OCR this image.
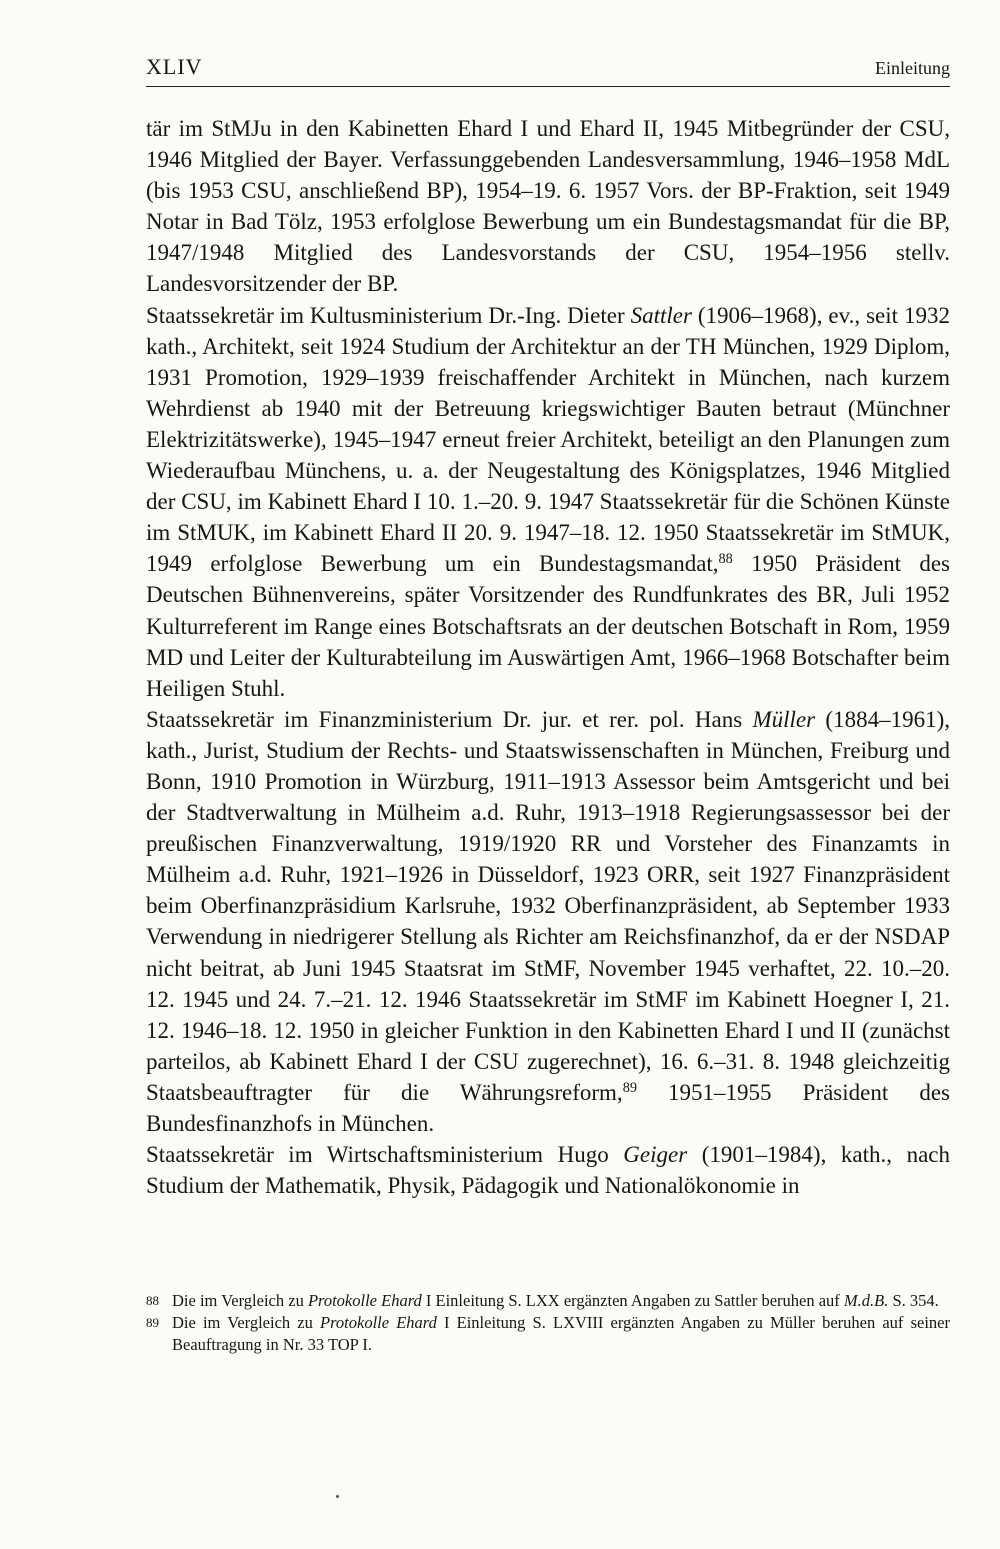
XLIV	Einleitung

tär im StMJu in den Kabinetten Ehard I und Ehard II, 1945 Mitbegründer der CSU, 1946 Mitglied der Bayer. Verfassunggebenden Landesversammlung, 1946–1958 MdL (bis 1953 CSU, anschließend BP), 1954–19. 6. 1957 Vors. der BP-Fraktion, seit 1949 Notar in Bad Tölz, 1953 erfolglose Bewerbung um ein Bundestagsmandat für die BP, 1947/1948 Mitglied des Landesvorstands der CSU, 1954–1956 stellv. Landesvorsitzender der BP.

Staatssekretär im Kultusministerium Dr.-Ing. Dieter Sattler (1906–1968), ev., seit 1932 kath., Architekt, seit 1924 Studium der Architektur an der TH München, 1929 Diplom, 1931 Promotion, 1929–1939 freischaffender Architekt in München, nach kurzem Wehrdienst ab 1940 mit der Betreuung kriegswichtiger Bauten betraut (Münchner Elektrizitätswerke), 1945–1947 erneut freier Architekt, beteiligt an den Planungen zum Wiederaufbau Münchens, u. a. der Neugestaltung des Königsplatzes, 1946 Mitglied der CSU, im Kabinett Ehard I 10. 1.–20. 9. 1947 Staatssekretär für die Schönen Künste im StMUK, im Kabinett Ehard II 20. 9. 1947–18. 12. 1950 Staatssekretär im StMUK, 1949 erfolglose Bewerbung um ein Bundestagsmandat,$^{88}$ 1950 Präsident des Deutschen Bühnenvereins, später Vorsitzender des Rundfunkrates des BR, Juli 1952 Kulturreferent im Range eines Botschaftsrats an der deutschen Botschaft in Rom, 1959 MD und Leiter der Kulturabteilung im Auswärtigen Amt, 1966–1968 Botschafter beim Heiligen Stuhl.

Staatssekretär im Finanzministerium Dr. jur. et rer. pol. Hans Müller (1884–1961), kath., Jurist, Studium der Rechts- und Staatswissenschaften in München, Freiburg und Bonn, 1910 Promotion in Würzburg, 1911–1913 Assessor beim Amtsgericht und bei der Stadtverwaltung in Mülheim a.d. Ruhr, 1913–1918 Regierungsassessor bei der preußischen Finanzverwaltung, 1919/1920 RR und Vorsteher des Finanzamts in Mülheim a.d. Ruhr, 1921–1926 in Düsseldorf, 1923 ORR, seit 1927 Finanzpräsident beim Oberfinanzpräsidium Karlsruhe, 1932 Oberfinanzpräsident, ab September 1933 Verwendung in niedrigerer Stellung als Richter am Reichsfinanzhof, da er der NSDAP nicht beitrat, ab Juni 1945 Staatsrat im StMF, November 1945 verhaftet, 22. 10.–20. 12. 1945 und 24. 7.–21. 12. 1946 Staatssekretär im StMF im Kabinett Hoegner I, 21. 12. 1946–18. 12. 1950 in gleicher Funktion in den Kabinetten Ehard I und II (zunächst parteilos, ab Kabinett Ehard I der CSU zugerechnet), 16. 6.–31. 8. 1948 gleichzeitig Staatsbeauftragter für die Währungsreform,$^{89}$ 1951–1955 Präsident des Bundesfinanzhofs in München.

Staatssekretär im Wirtschaftsministerium Hugo Geiger (1901–1984), kath., nach Studium der Mathematik, Physik, Pädagogik und Nationalökonomie in

88 Die im Vergleich zu Protokolle Ehard I Einleitung S. LXX ergänzten Angaben zu Sattler beruhen auf M.d.B. S. 354.
89 Die im Vergleich zu Protokolle Ehard I Einleitung S. LXVIII ergänzten Angaben zu Müller beruhen auf seiner Beauftragung in Nr. 33 TOP I.
